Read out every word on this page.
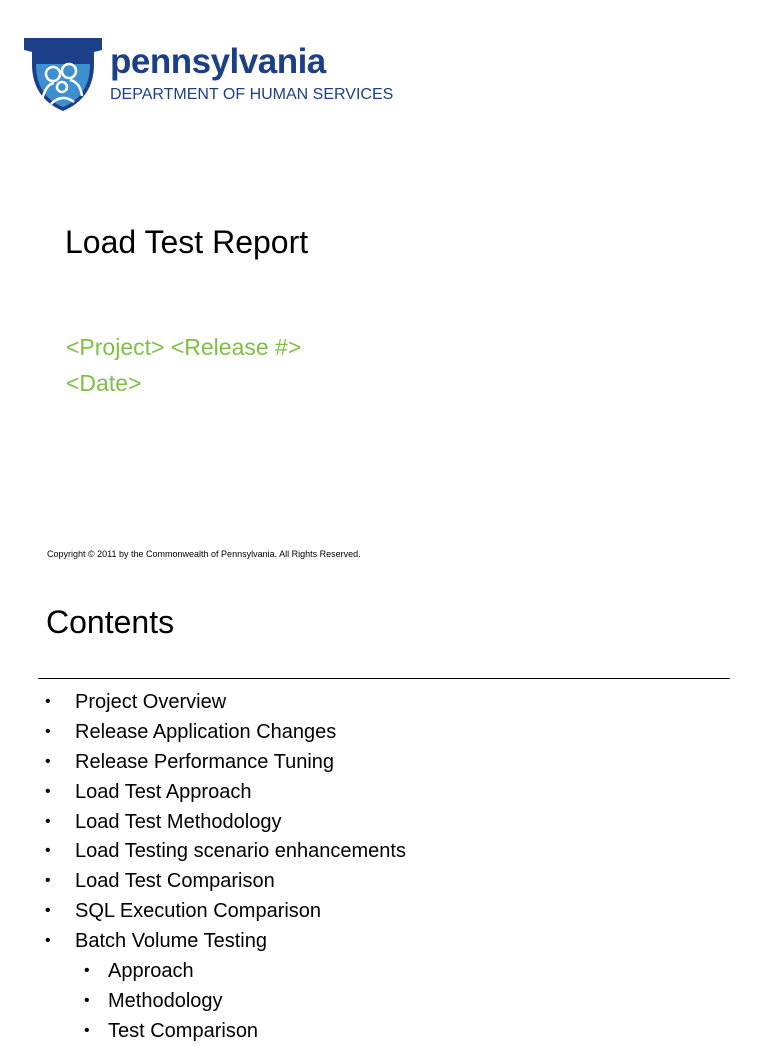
pennsylvania
DEPARTMENT OF HUMAN SERVICES
Load Test Report
<Project> <Release #>
<Date>
Copyright © 2011 by the Commonwealth of Pennsylvania. All Rights Reserved.
Contents
• Project Overview
• Release Application Changes
• Release Performance Tuning
• Load Test Approach
• Load Test Methodology
• Load Testing scenario enhancements
• Load Test Comparison
• SQL Execution Comparison
• Batch Volume Testing
• Approach
• Methodology
• Test Comparison
